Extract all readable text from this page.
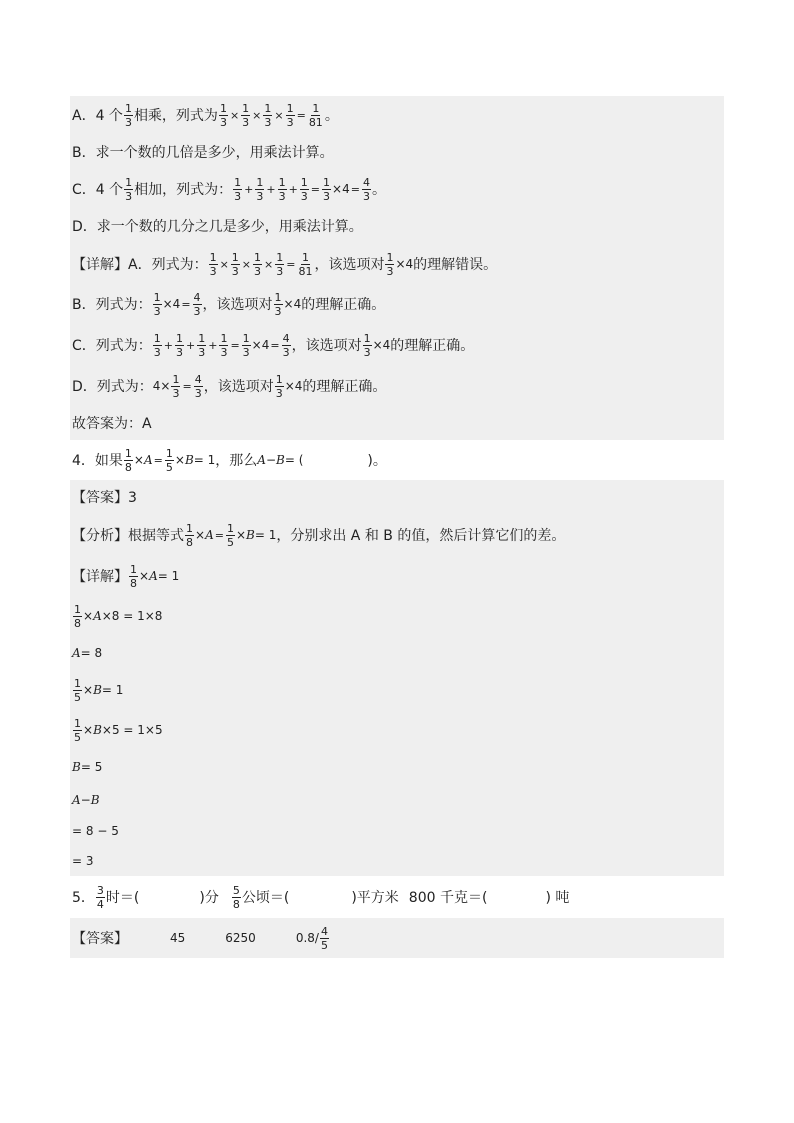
A．4 个 $\frac{1}{3}$ 相乘，列式为 $\frac{1}{3} \times \frac{1}{3} \times \frac{1}{3} \times \frac{1}{3} = \frac{1}{81}$ 。
B．求一个数的几倍是多少，用乘法计算。
C．4 个 $\frac{1}{3}$ 相加，列式为： $\frac{1}{3} + \frac{1}{3} + \frac{1}{3} + \frac{1}{3} = \frac{1}{3} \times 4 = \frac{4}{3}$ 。
D．求一个数的几分之几是多少，用乘法计算。
【详解】A．列式为： $\frac{1}{3} \times \frac{1}{3} \times \frac{1}{3} \times \frac{1}{3} = \frac{1}{81}$ ，该选项对 $\frac{1}{3} \times 4$ 的理解错误。
B．列式为： $\frac{1}{3} \times 4 = \frac{4}{3}$ ，该选项对 $\frac{1}{3} \times 4$ 的理解正确。
C．列式为： $\frac{1}{3} + \frac{1}{3} + \frac{1}{3} + \frac{1}{3} = \frac{1}{3} \times 4 = \frac{4}{3}$ ，该选项对 $\frac{1}{3} \times 4$ 的理解正确。
D．列式为： $4\times \frac{1}{3} = \frac{4}{3}$ ，该选项对 $\frac{1}{3} \times 4$ 的理解正确。
故答案为：A
4．如果 $\frac{1}{8} \times A = \frac{1}{5} \times B = 1$ ，那么 A − B = (	)。
【答案】3
【分析】根据等式 $\frac{1}{8} \times A = \frac{1}{5} \times B = 1$ ，分别求出 A 和 B 的值，然后计算它们的差。
【详解】 $\frac{1}{8} \times A = 1$
$\frac{1}{8} \times A \times 8 = 1\times 8$
A = 8
$\frac{1}{5} \times B = 1$
$\frac{1}{5} \times B \times 5 = 1\times 5$
B = 5
A − B
= 8 − 5
= 3
5． $\frac{3}{4}$ 时＝(	)分 $\frac{5}{8}$ 公顷＝(	)平方米 800 千克＝(	) 吨
【答案】	45	6250	$0.8/ \frac{4}{5}$
